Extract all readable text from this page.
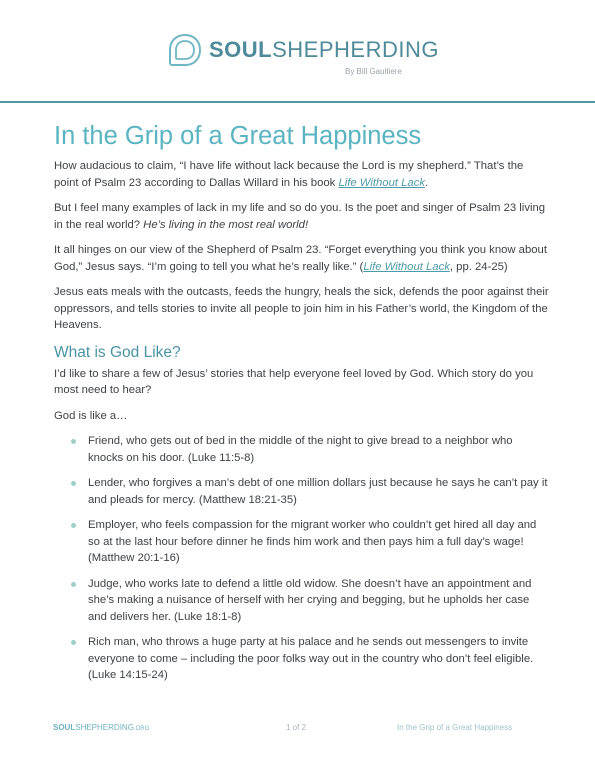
SOULSHEPHERDING
By Bill Gaultiere
In the Grip of a Great Happiness

How audacious to claim, “I have life without lack because the Lord is my shepherd.” That’s the point of Psalm 23 according to Dallas Willard in his book Life Without Lack.

But I feel many examples of lack in my life and so do you. Is the poet and singer of Psalm 23 living in the real world? He’s living in the most real world!

It all hinges on our view of the Shepherd of Psalm 23. “Forget everything you think you know about God,” Jesus says. “I’m going to tell you what he’s really like.” (Life Without Lack, pp. 24-25)

Jesus eats meals with the outcasts, feeds the hungry, heals the sick, defends the poor against their oppressors, and tells stories to invite all people to join him in his Father’s world, the Kingdom of the Heavens.

What is God Like?

I’d like to share a few of Jesus’ stories that help everyone feel loved by God. Which story do you most need to hear?

God is like a…

Friend, who gets out of bed in the middle of the night to give bread to a neighbor who knocks on his door. (Luke 11:5-8)
Lender, who forgives a man’s debt of one million dollars just because he says he can’t pay it and pleads for mercy. (Matthew 18:21-35)
Employer, who feels compassion for the migrant worker who couldn’t get hired all day and so at the last hour before dinner he finds him work and then pays him a full day’s wage! (Matthew 20:1-16)
Judge, who works late to defend a little old widow. She doesn’t have an appointment and she’s making a nuisance of herself with her crying and begging, but he upholds her case and delivers her. (Luke 18:1-8)
Rich man, who throws a huge party at his palace and he sends out messengers to invite everyone to come – including the poor folks way out in the country who don’t feel eligible. (Luke 14:15-24)
SOULSHEPHERDING.ORG	1 of 2	In the Grip of a Great Happiness
